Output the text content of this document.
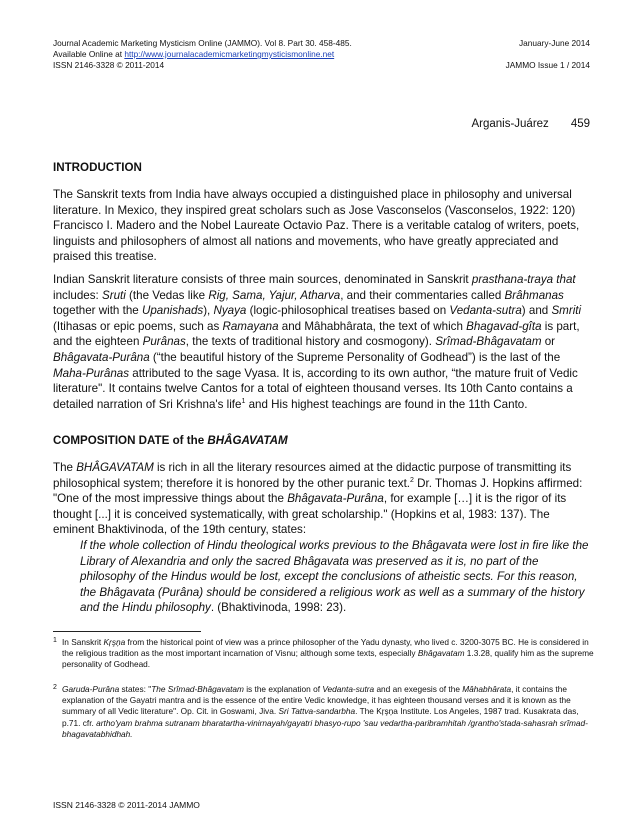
Journal Academic Marketing Mysticism Online (JAMMO). Vol 8. Part 30. 458-485.	January-June 2014
Available Online at http://www.journalacademicmarketingmysticismonline.net
ISSN 2146-3328 © 2011-2014	JAMMO Issue 1 / 2014
Arganis-Juárez 459
INTRODUCTION

The Sanskrit texts from India have always occupied a distinguished place in philosophy and universal literature. In Mexico, they inspired great scholars such as Jose Vasconselos (Vasconselos, 1922: 120) Francisco I. Madero and the Nobel Laureate Octavio Paz. There is a veritable catalog of writers, poets, linguists and philosophers of almost all nations and movements, who have greatly appreciated and praised this treatise.

Indian Sanskrit literature consists of three main sources, denominated in Sanskrit prasthana-traya that includes: Sruti (the Vedas like Rig, Sama, Yajur, Atharva, and their commentaries called Brâhmanas together with the Upanishads), Nyaya (logic-philosophical treatises based on Vedanta-sutra) and Smriti (Itihasas or epic poems, such as Ramayana and Mâhabhârata, the text of which Bhagavad-gîta is part, and the eighteen Purânas, the texts of traditional history and cosmogony). Srîmad-Bhâgavatam or Bhâgavata-Purâna (“the beautiful history of the Supreme Personality of Godhead”) is the last of the Maha-Purânas attributed to the sage Vyasa. It is, according to its own author, “the mature fruit of Vedic literature". It contains twelve Cantos for a total of eighteen thousand verses. Its 10th Canto contains a detailed narration of Sri Krishna's life$^1$ and His highest teachings are found in the 11th Canto.

COMPOSITION DATE of the BHÂGAVATAM

The BHÂGAVATAM is rich in all the literary resources aimed at the didactic purpose of transmitting its philosophical system; therefore it is honored by the other puranic text.$^2$ Dr. Thomas J. Hopkins affirmed: "One of the most impressive things about the Bhâgavata-Purâna, for example […] it is the rigor of its thought [...] it is conceived systematically, with great scholarship." (Hopkins et al, 1983: 137). The eminent Bhaktivinoda, of the 19th century, states:

If the whole collection of Hindu theological works previous to the Bhâgavata were lost in fire like the Library of Alexandria and only the sacred Bhâgavata was preserved as it is, no part of the philosophy of the Hindus would be lost, except the conclusions of atheistic sects. For this reason, the Bhâgavata (Purâna) should be considered a religious work as well as a summary of the history and the Hindu philosophy. (Bhaktivinoda, 1998: 23).
1 In Sanskrit Kŗşņa from the historical point of view was a prince philosopher of the Yadu dynasty, who lived c. 3200-3075 BC. He is considered in the religious tradition as the most important incarnation of Visnu; although some texts, especially Bhâgavatam 1.3.28, qualify him as the supreme personality of Godhead.
2 Garuda-Purâna states: "The Srîmad-Bhâgavatam is the explanation of Vedanta-sutra and an exegesis of the Mâhabhârata, it contains the explanation of the Gayatri mantra and is the essence of the entire Vedic knowledge, it has eighteen thousand verses and it is known as the summary of all Vedic literature". Op. Cit. in Goswami, Jiva. Sri Tattva-sandarbha. The Kŗşņa Institute. Los Angeles, 1987 trad. Kusakrata das, p.71. cfr. artho'yam brahma sutranam bharatartha-vinirnayah/gayatri bhasyo-rupo 'sau vedartha-paribramhitah /grantho'stada-sahasrah srîmad-bhagavatabhidhah.
ISSN 2146-3328 © 2011-2014 JAMMO
